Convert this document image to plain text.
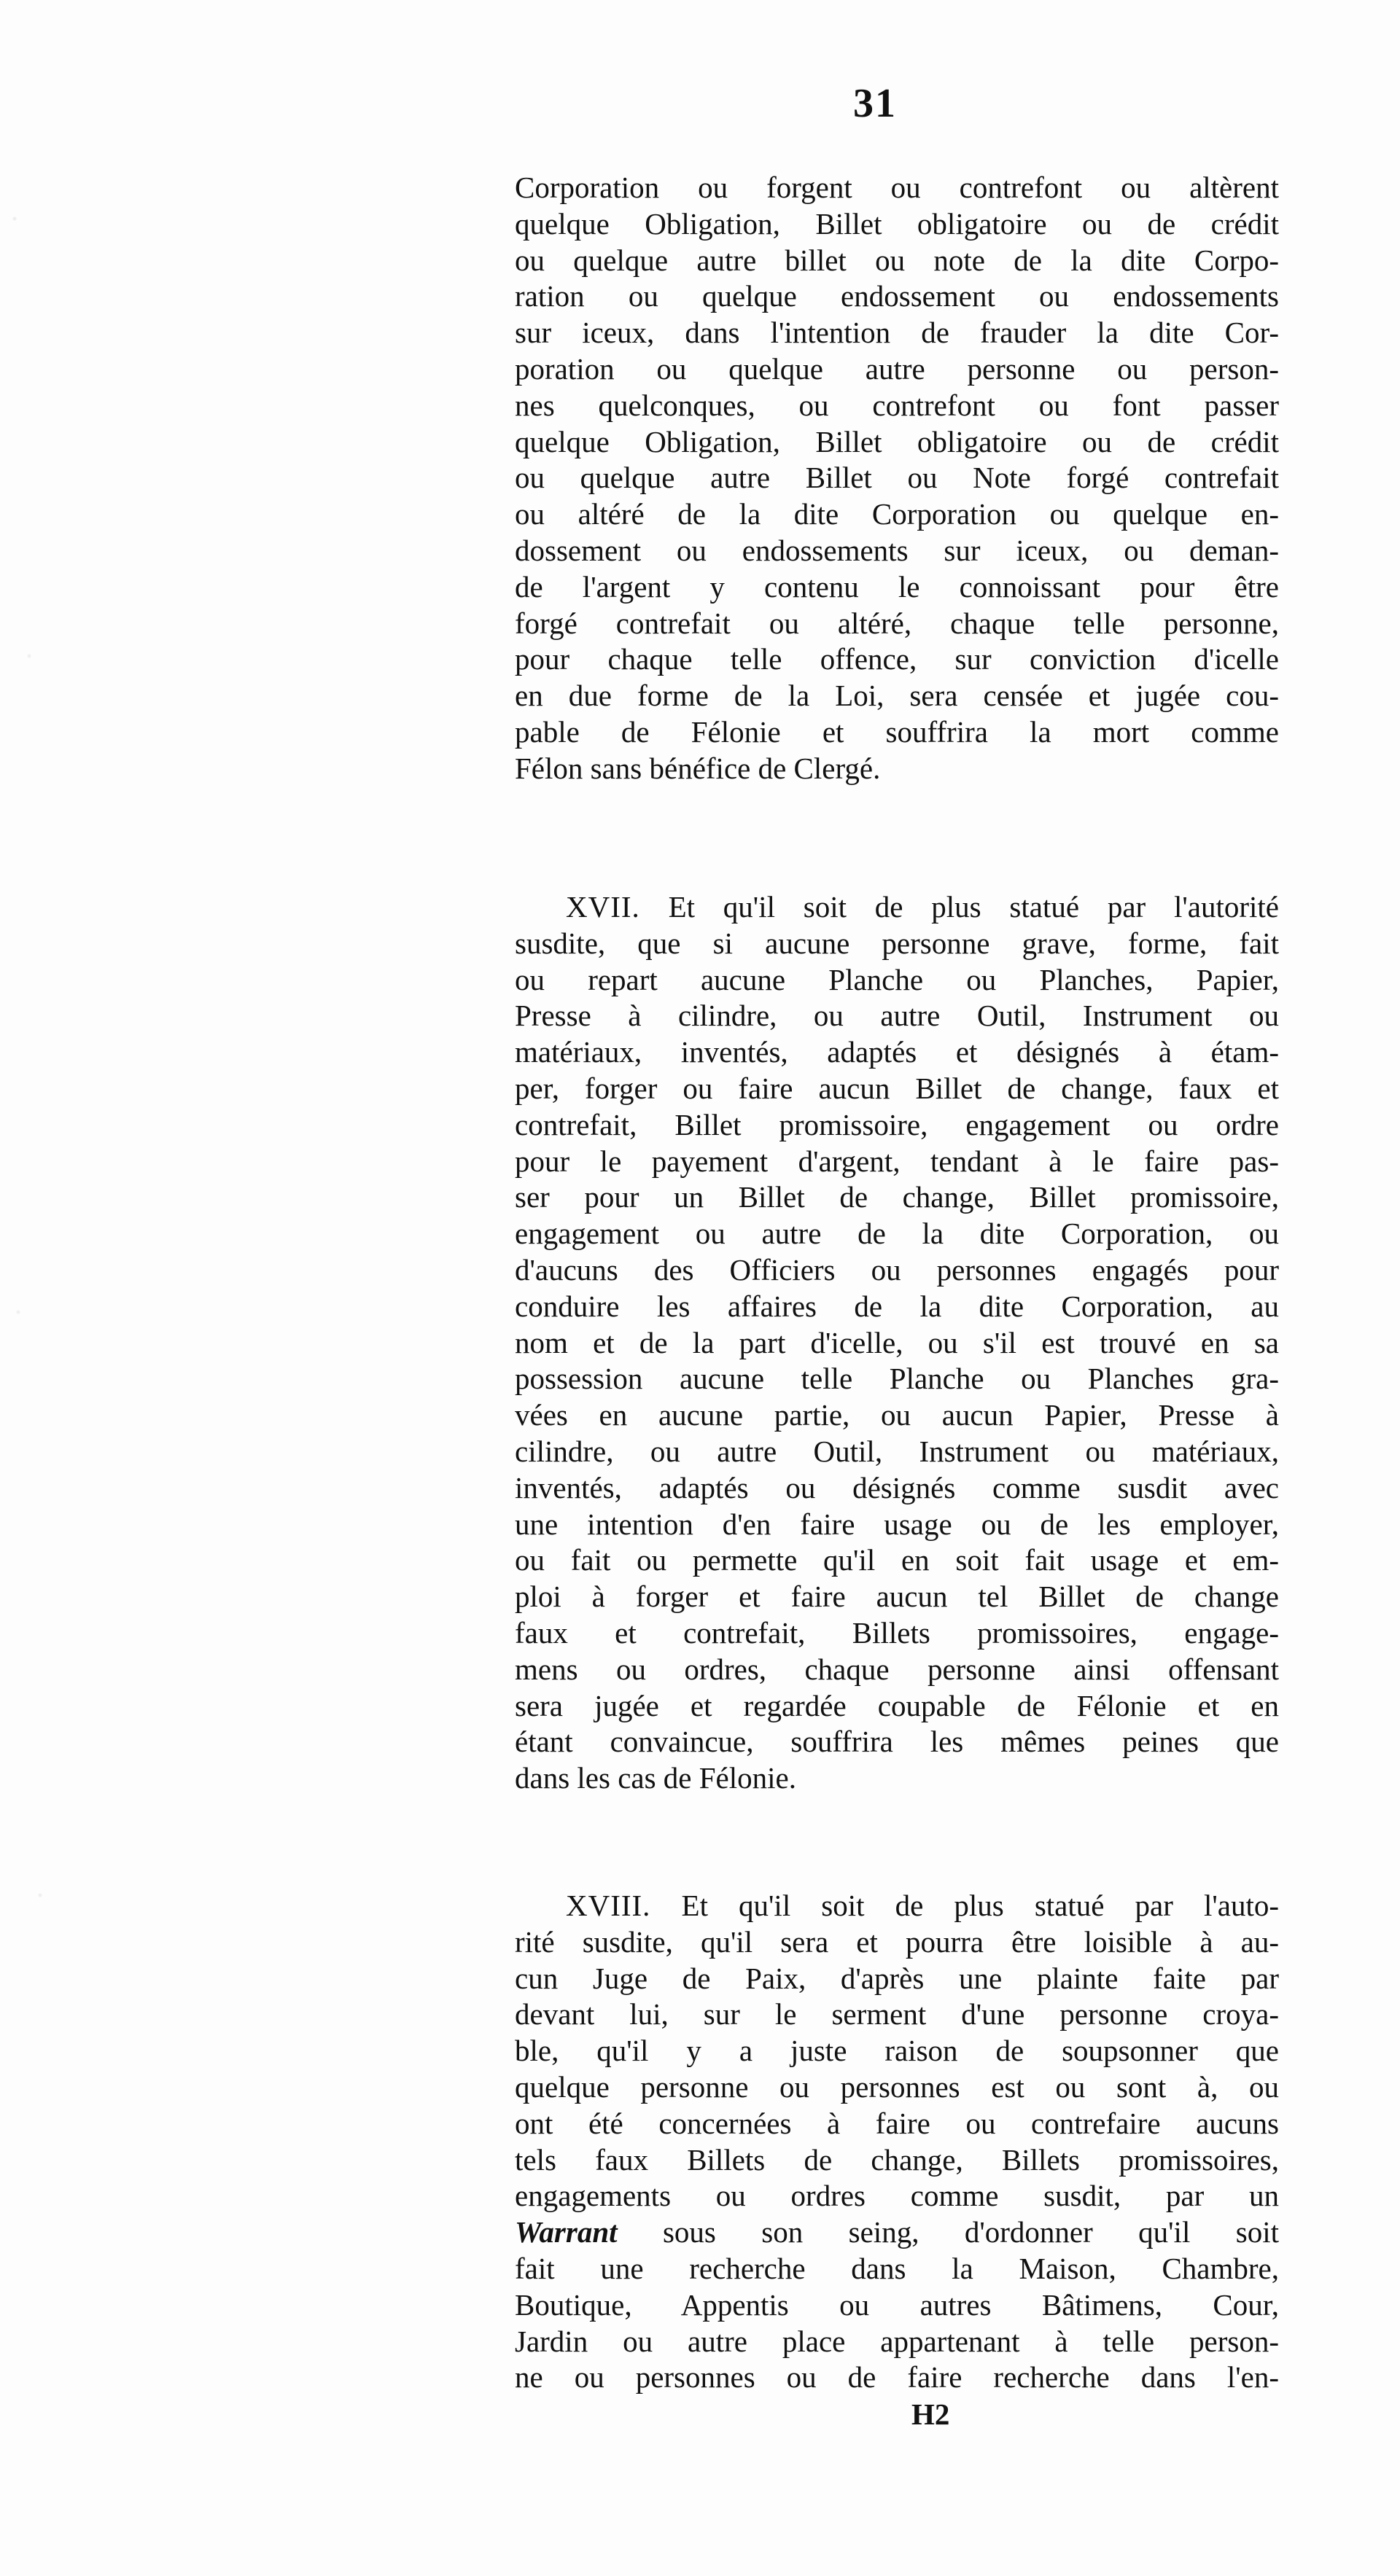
31
Corporation ou forgent ou contrefont ou altèrent
quelque Obligation, Billet obligatoire ou de crédit
ou quelque autre billet ou note de la dite Corpo-
ration ou quelque endossement ou endossements
sur iceux, dans l'intention de frauder la dite Cor-
poration ou quelque autre personne ou person-
nes quelconques, ou contrefont ou font passer
quelque Obligation, Billet obligatoire ou de crédit
ou quelque autre Billet ou Note forgé contrefait
ou altéré de la dite Corporation ou quelque en-
dossement ou endossements sur iceux, ou deman-
de l'argent y contenu le connoissant pour être
forgé contrefait ou altéré, chaque telle personne,
pour chaque telle offence, sur conviction d'icelle
en due forme de la Loi, sera censée et jugée cou-
pable de Félonie et souffrira la mort comme
Félon sans bénéfice de Clergé.
XVII. Et qu'il soit de plus statué par l'autorité
susdite, que si aucune personne grave, forme, fait
ou repart aucune Planche ou Planches, Papier,
Presse à cilindre, ou autre Outil, Instrument ou
matériaux, inventés, adaptés et désignés à étam-
per, forger ou faire aucun Billet de change, faux et
contrefait, Billet promissoire, engagement ou ordre
pour le payement d'argent, tendant à le faire pas-
ser pour un Billet de change, Billet promissoire,
engagement ou autre de la dite Corporation, ou
d'aucuns des Officiers ou personnes engagés pour
conduire les affaires de la dite Corporation, au
nom et de la part d'icelle, ou s'il est trouvé en sa
possession aucune telle Planche ou Planches gra-
vées en aucune partie, ou aucun Papier, Presse à
cilindre, ou autre Outil, Instrument ou matériaux,
inventés, adaptés ou désignés comme susdit avec
une intention d'en faire usage ou de les employer,
ou fait ou permette qu'il en soit fait usage et em-
ploi à forger et faire aucun tel Billet de change
faux et contrefait, Billets promissoires, engage-
mens ou ordres, chaque personne ainsi offensant
sera jugée et regardée coupable de Félonie et en
étant convaincue, souffrira les mêmes peines que
dans les cas de Félonie.
XVIII. Et qu'il soit de plus statué par l'auto-
rité susdite, qu'il sera et pourra être loisible à au-
cun Juge de Paix, d'après une plainte faite par
devant lui, sur le serment d'une personne croya-
ble, qu'il y a juste raison de soupsonner que
quelque personne ou personnes est ou sont à, ou
ont été concernées à faire ou contrefaire aucuns
tels faux Billets de change, Billets promissoires,
engagements ou ordres comme susdit, par un
Warrant sous son seing, d'ordonner qu'il soit
fait une recherche dans la Maison, Chambre,
Boutique, Appentis ou autres Bâtimens, Cour,
Jardin ou autre place appartenant à telle person-
ne ou personnes ou de faire recherche dans l'en-
H2
